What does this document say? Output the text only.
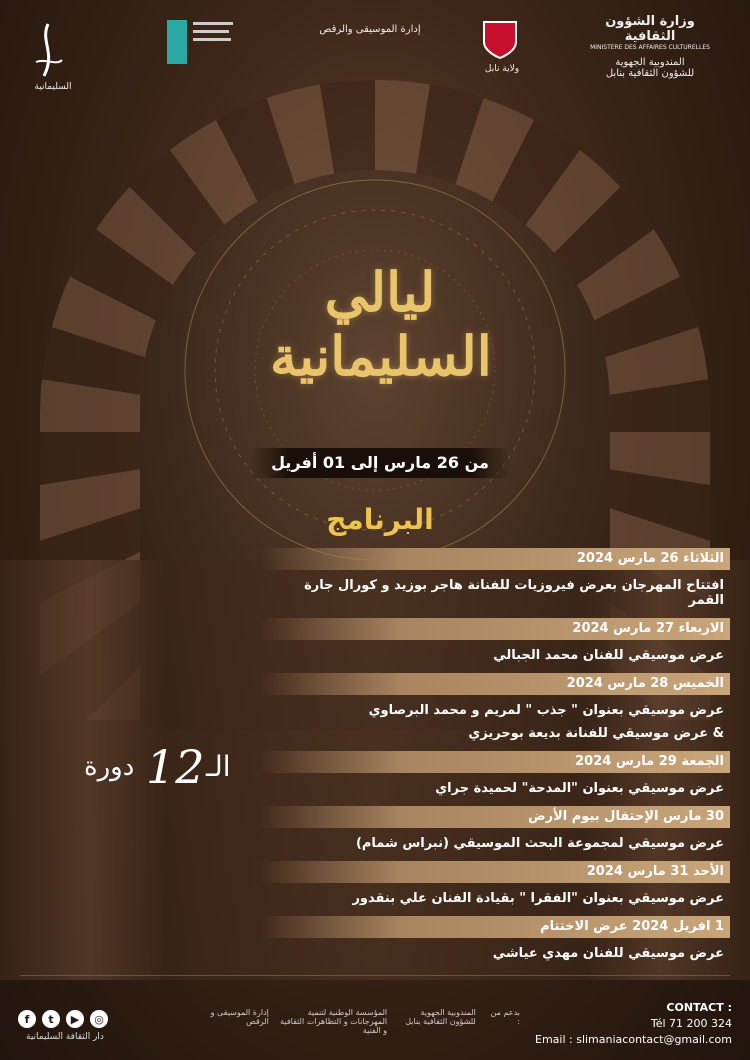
السليمانية
إدارة الموسيقى والرقص
ولاية نابل
وزارة الشؤون الثقافية
MINISTERE DES AFFAIRES CULTURELLES
المندوبية الجهوية
للشؤون الثقافية بنابل
ليالي السليمانية
من 26 مارس إلى 01 أفريل
البرنامج
الثلاثاء 26 مارس 2024
افتتاح المهرجان بعرض فيروزيات للفنانة هاجر بوزيد و كورال جارة القمر
الاربعاء 27 مارس 2024
عرض موسيقي للفنان محمد الجبالي
الخميس 28 مارس 2024
عرض موسيقي بعنوان " جذب " لمريم و محمد البرصاوي
& عرض موسيقي للفنانة بديعة بوحريزي
الجمعة 29 مارس 2024
عرض موسيقي بعنوان "المدحة" لحميدة جراي
30 مارس الإحتفال بيوم الأرض
عرض موسيقي لمجموعة البحث الموسيقي (نبراس شمام)
الأحد 31 مارس 2024
عرض موسيقي بعنوان "الفقرا " بقيادة الفنان علي بنقدور
1 افريل 2024 عرض الاختتام
عرض موسيقي للفنان مهدي عياشي
دورة 12 الـ
f	t	▶	◎
دار الثقافة السليمانية
بدعم من :
المندوبية الجهوية للشؤون الثقافية بنابل
المؤسسة الوطنية لتنمية المهرجانات و التظاهرات الثقافية و الفنية
إدارة الموسيقى و الرقص
CONTACT :
Tél 71 200 324
Email : slimaniacontact@gmail.com
